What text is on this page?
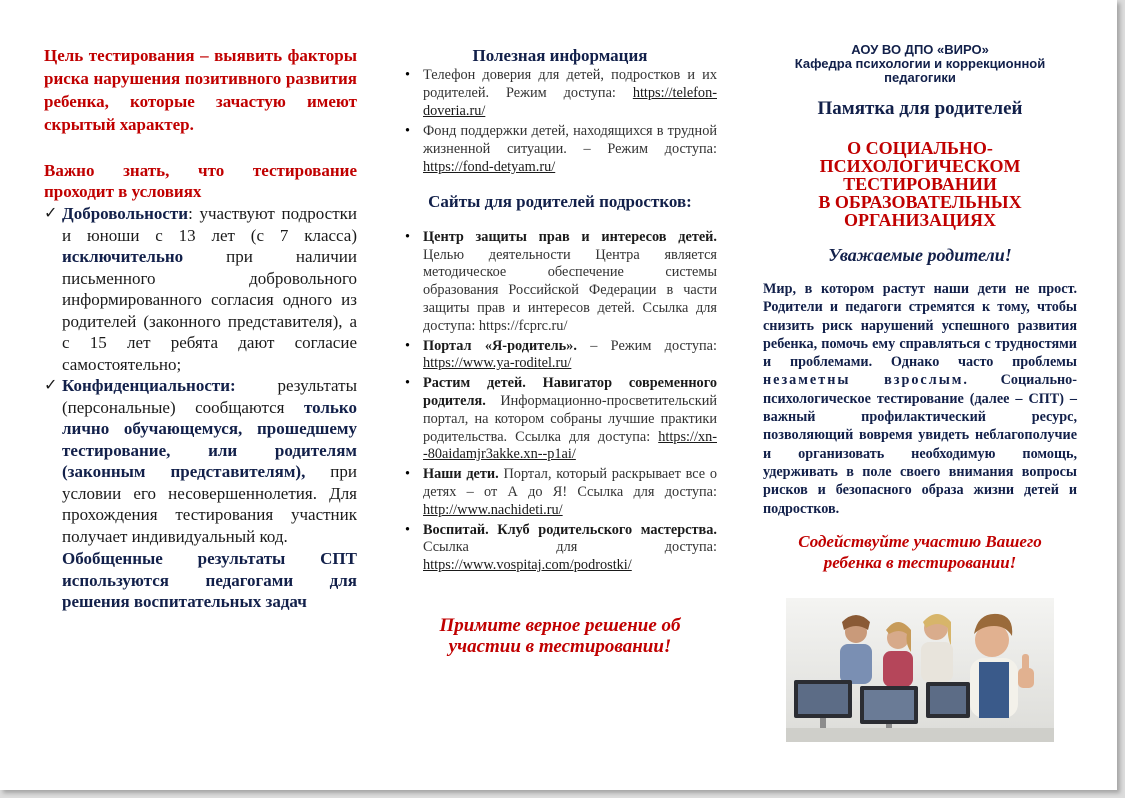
Цель тестирования – выявить факторы риска нарушения позитивного развития ребенка, которые зачастую имеют скрытый характер.

Важно знать, что тестирование проходит в условиях

✓ Добровольности: участвуют подростки и юноши с 13 лет (с 7 класса) исключительно	при наличии письменного добровольного информированного согласия одного из родителей (законного представителя), а с 15 лет ребята дают согласие самостоятельно;
✓ Конфиденциальности: результаты (персональные) сообщаются только лично обучающемуся, прошедшему тестирование, или родителям (законным представителям), при условии его несовершеннолетия. Для прохождения тестирования участник получает индивидуальный код.

Обобщенные результаты СПТ используются педагогами для решения воспитательных задач

Полезная информация
• Телефон доверия для детей, подростков и их родителей. Режим доступа: https://telefon-doveria.ru/
• Фонд поддержки детей, находящихся в трудной жизненной ситуации. – Режим доступа: https://fond-detyam.ru/
Сайты для родителей подростков:
• Центр защиты прав и интересов детей. Целью деятельности Центра является методическое обеспечение системы образования Российской Федерации в части защиты прав и интересов детей. Ссылка для доступа: https://fcprc.ru/
• Портал «Я-родитель». – Режим доступа: https://www.ya-roditel.ru/
• Растим детей. Навигатор современного родителя. Информационно-просветительский портал, на котором собраны лучшие практики родительства. Ссылка для доступа: https://xn--80aidamjr3akke.xn--p1ai/
• Наши дети. Портал, который раскрывает все о детях – от А до Я! Ссылка для доступа: http://www.nachideti.ru/
• Воспитай. Клуб родительского мастерства. Ссылка для доступа: https://www.vospitaj.com/podrostki/

Примите верное решение об участии в тестировании!

АОУ ВО ДПО «ВИРО»

Кафедра психологии и коррекционной педагогики

Памятка для родителей
О СОЦИАЛЬНО-
ПСИХОЛОГИЧЕСКОМ
ТЕСТИРОВАНИИ
В ОБРАЗОВАТЕЛЬНЫХ
ОРГАНИЗАЦИЯХ

Уважаемые родители!

Мир, в котором растут наши дети не прост. Родители и педагоги стремятся к тому, чтобы снизить риск нарушений успешного развития ребенка, помочь ему справляться с трудностями и проблемами. Однако часто проблемы незаметны взрослым. Социально-психологическое тестирование (далее – СПТ) – важный профилактический ресурс, позволяющий вовремя увидеть неблагополучие и организовать необходимую помощь, удерживать в поле своего внимания вопросы рисков и безопасного образа жизни детей и подростков.

Содействуйте участию Вашего
ребенка в тестировании!
